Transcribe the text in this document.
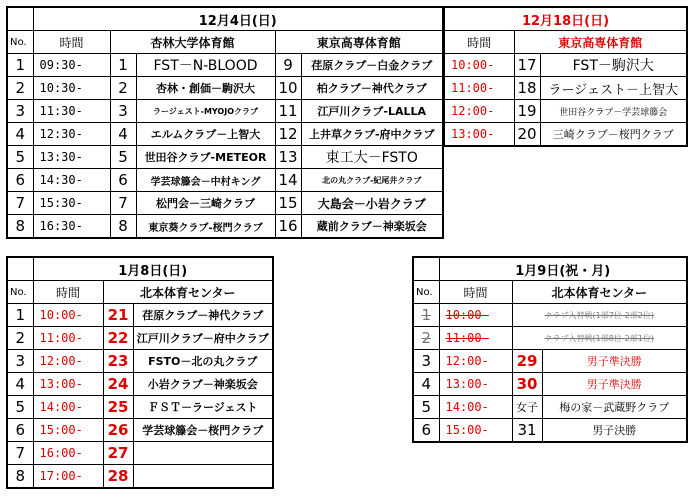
	12月4日(日)				
No.	時間	杏林大学体育館		東京高専体育館	
1	09:30-	1	FST－N-BLOOD	9	荏原クラブ－白金クラブ
2	10:30-	2	杏林・創価－駒沢大	10	柏クラブ－神代クラブ
3	11:30-	3	ラージェスト-MYOJOクラブ	11	江戸川クラブ-LALLA
4	12:30-	4	エルムクラブ－上智大	12	上井草クラブ-府中クラブ
5	13:30-	5	世田谷クラブ-METEOR	13	東工大－FSTO
6	14:30-	6	学芸球籐会－中村キング	14	北の丸クラブ-紀尾井クラブ
7	15:30-	7	松門会－三崎クラブ	15	大島会－小岩クラブ
8	16:30-	8	東京葵クラブ-桜門クラブ	16	蔵前クラブ－神楽坂会
12月18日(日)		
時間	東京高専体育館	
10:00-	17	FST－駒沢大
11:00-	18	ラージェスト－上智大
12:00-	19	世田谷クラブ－学芸球籐会
13:00-	20	三崎クラブ－桜門クラブ
	1月8日(日)		
No.	時間	北本体育センター	
1	10:00-	21	荏原クラブ－神代クラブ
2	11:00-	22	江戸川クラブ－府中クラブ
3	12:00-	23	FSTO－北の丸クラブ
4	13:00-	24	小岩クラブ－神楽坂会
5	14:00-	25	ＦＳＴ－ラージェスト
6	15:00-	26	学芸球籐会－桜門クラブ
7	16:00-	27	
8	17:00-	28	
	1月9日(祝・月)		
No.	時間	北本体育センター	
1	10:00-	クラブ入替戦(1部7位-2部2位)	
2	11:00-	クラブ入替戦(1部8位-2部1位)	
3	12:00-	29	男子準決勝
4	13:00-	30	男子準決勝
5	14:00-	女子	梅の家－武蔵野クラブ
6	15:00-	31	男子決勝
